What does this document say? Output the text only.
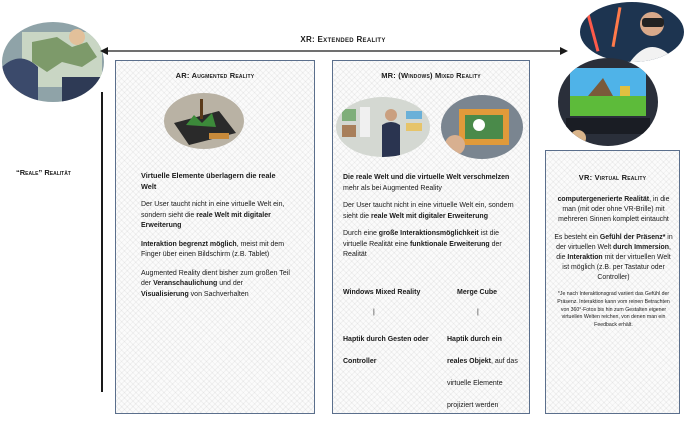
XR: Extended Reality
“Reale” Realität
AR: Augmented Reality
Virtuelle Elemente überlagern die reale Welt
Der User taucht nicht in eine virtuelle Welt ein, sondern sieht die reale Welt mit digitaler Erweiterung
Interaktion begrenzt möglich, meist mit dem Finger über einen Bildschirm (z.B. Tablet)
Augmented Reality dient bisher zum großen Teil der Veranschaulichung und der Visualisierung von Sachverhalten
MR: (Windows) Mixed Reality
Die reale Welt und die virtuelle Welt verschmelzen mehr als bei Augmented Reality
Der User taucht nicht in eine virtuelle Welt ein, sondern sieht die reale Welt mit digitaler Erweiterung
Durch eine große Interaktionsmöglichkeit ist die virtuelle Realität eine funktionale Erweiterung der Realität
Windows Mixed Reality
|
Haptik durch Gesten oder Controller
Merge Cube
|
Haptik durch ein reales Objekt, auf das virtuelle Elemente projiziert werden
VR: Virtual Reality
computergenerierte Realität, in die man (mit oder ohne VR-Brille) mit mehreren Sinnen komplett eintaucht
Es besteht ein Gefühl der Präsenz* in der virtuellen Welt durch Immersion, die Interaktion mit der virtuellen Welt ist möglich (z.B. per Tastatur oder Controller)
*Je nach Interaktionsgrad variiert das Gefühl der Präsenz. Interaktion kann vom reinen Betrachten von 360°-Fotos bis hin zum Gestalten eigener virtuellen Welten reichen, von denen man ein Feedback erhält.
